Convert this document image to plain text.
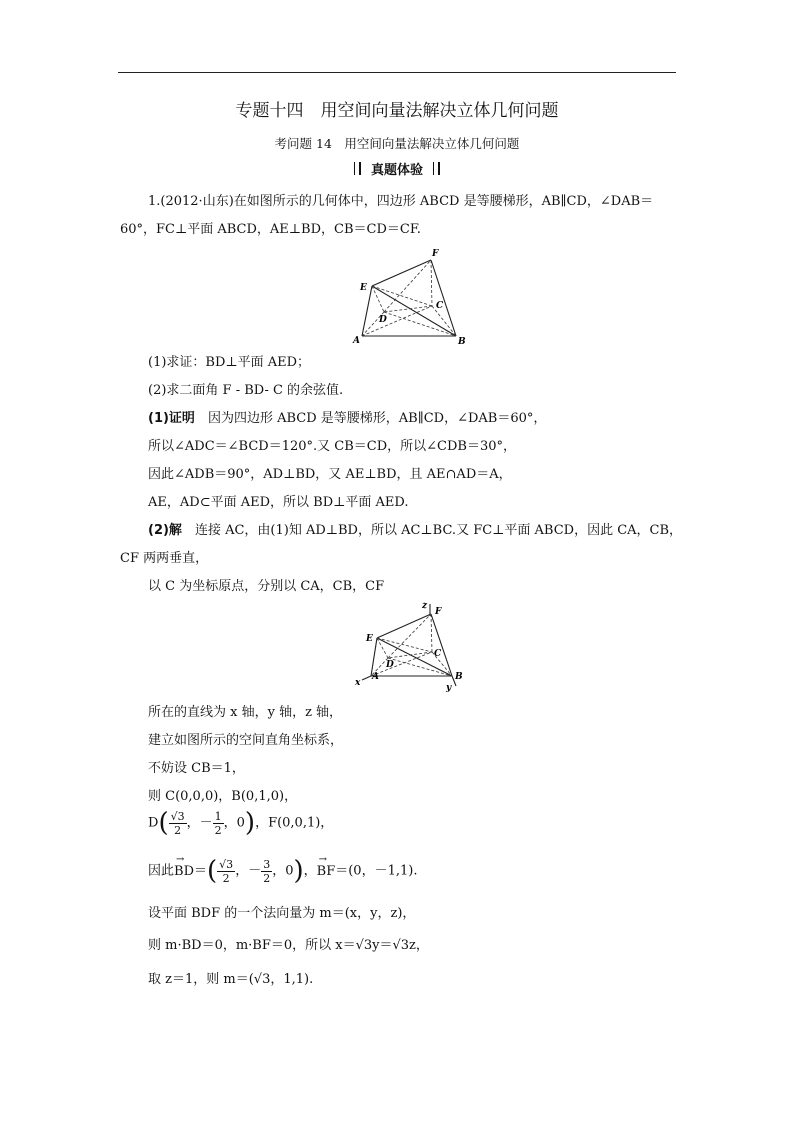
专题十四　用空间向量法解决立体几何问题
考问题 14　用空间向量法解决立体几何问题
真题体验
1.(2012·山东)在如图所示的几何体中，四边形 ABCD 是等腰梯形，AB∥CD，∠DAB＝
60°，FC⊥平面 ABCD，AE⊥BD，CB＝CD＝CF.
F
E
C
D
A	B
(1)求证：BD⊥平面 AED；
(2)求二面角 F - BD- C 的余弦值.
(1)证明　因为四边形 ABCD 是等腰梯形，AB∥CD，∠DAB＝60°，
所以∠ADC＝∠BCD＝120°.又 CB＝CD，所以∠CDB＝30°，
因此∠ADB＝90°，AD⊥BD，又 AE⊥BD，且 AE∩AD＝A，
AE，AD⊂平面 AED，所以 BD⊥平面 AED.
(2)解　连接 AC，由(1)知 AD⊥BD，所以 AC⊥BC.又 FC⊥平面 ABCD，因此 CA，CB，
CF 两两垂直，
以 C 为坐标原点，分别以 CA，CB，CF
z
F
E
C
D
x
A	B
y
所在的直线为 x 轴，y 轴，z 轴，
建立如图所示的空间直角坐标系，
不妨设 CB＝1，
则 C(0,0,0)，B(0,1,0)，
$D( \frac{√3}{2}$ ，－ $\frac{1}{2}$ ，0)，F(0,0,1)，
因此→ $BD=( \frac{√3}{2}$ ，－ $\frac{3}{2}$ ，0)，→ BF＝(0，－1,1).
设平面 BDF 的一个法向量为 m＝(x，y，z)，
则 m·BD＝0，m·BF＝0，所以 x＝√3y＝√3z，
取 z＝1，则 m＝(√3，1,1).
